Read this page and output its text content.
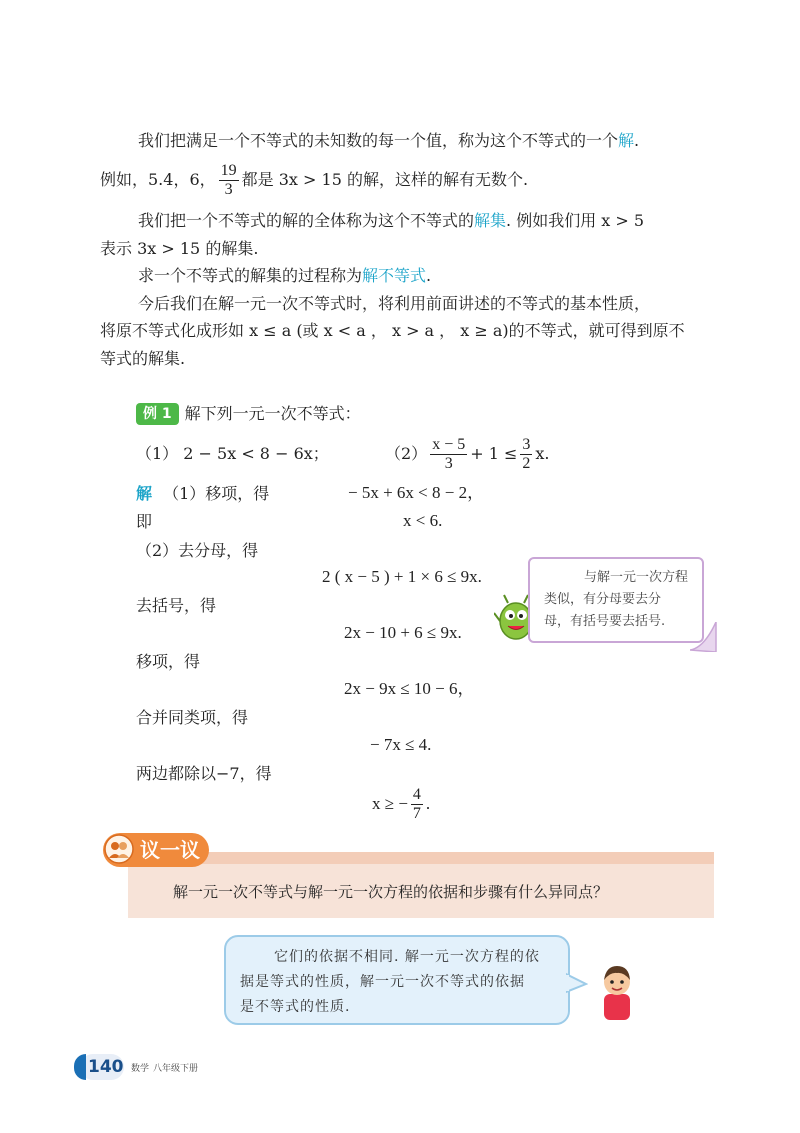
我们把满足一个不等式的未知数的每一个值，称为这个不等式的一个解.
例如，5.4，6， $\frac{19}{3}$ 都是 3x > 15 的解，这样的解有无数个.
我们把一个不等式的解的全体称为这个不等式的解集. 例如我们用 x > 5
表示 3x > 15 的解集.
求一个不等式的解集的过程称为解不等式.
今后我们在解一元一次不等式时，将利用前面讲述的不等式的基本性质，
将原不等式化成形如 x ≤ a (或 x < a ， x > a ， x ≥ a)的不等式，就可得到原不
等式的解集.
例 1 解下列一元一次不等式：
（1） 2 − 5x < 8 − 6x；	$(2) \frac{x - 5}{3} + 1 \le \frac{3}{2} x$.
解 （1）移项，得	− 5x + 6x < 8 − 2，
即	x < 6.
（2）去分母，得
2 ( x − 5 ) + 1 × 6 ≤ 9x.
去括号，得
2x − 10 + 6 ≤ 9x.
移项，得
2x − 9x ≤ 10 − 6，
合并同类项，得
− 7x ≤ 4.
两边都除以−7，得
x ≥ − $\frac{4}{7}$ .
与解一元一次方程
类似，有分母要去分
母，有括号要去括号.
议一议
解一元一次不等式与解一元一次方程的依据和步骤有什么异同点？
它们的依据不相同. 解一元一次方程的依
据是等式的性质，解一元一次不等式的依据
是不等式的性质.
140 数学 八年级下册
